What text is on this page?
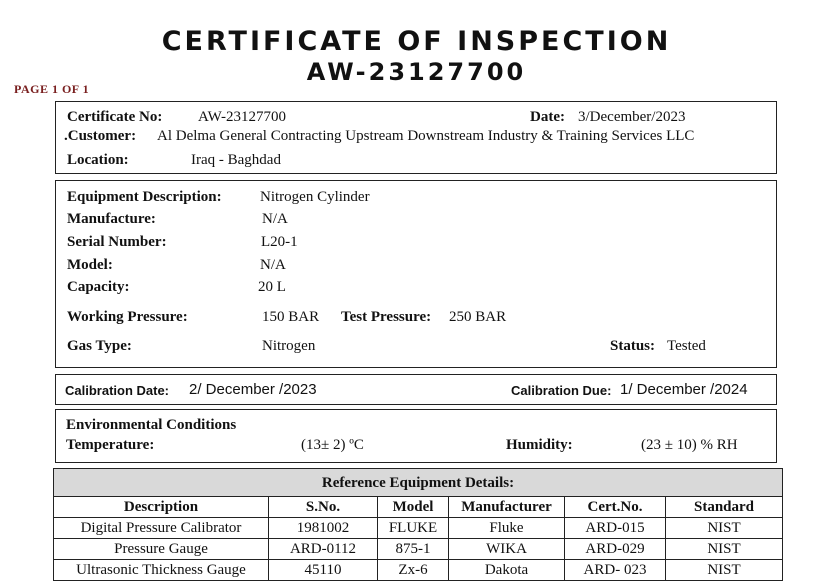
CERTIFICATE OF INSPECTION
AW-23127700
PAGE 1 OF 1
Certificate No: AW-23127700	Date: 3/December/2023
.Customer: Al Delma General Contracting Upstream Downstream Industry & Training Services LLC
Location:	Iraq - Baghdad
Equipment Description:	Nitrogen Cylinder
Manufacture:	N/A
Serial Number:	L20-1
Model:	N/A
Capacity:	20 L
Working Pressure:	150 BAR Test Pressure: 250 BAR
Gas Type:	Nitrogen	Status: Tested
Calibration Date: 2/ December /2023	Calibration Due: 1/ December /2024
Environmental Conditions
Temperature:	(13± 2) ºC	Humidity:	(23 ± 10) % RH
Reference Equipment Details:					
Description	S.No.	Model	Manufacturer	Cert.No.	Standard
Digital Pressure Calibrator	1981002	FLUKE	Fluke	ARD-015	NIST
Pressure Gauge	ARD-0112	875-1	WIKA	ARD-029	NIST
Ultrasonic Thickness Gauge	45110	Zx-6	Dakota	ARD- 023	NIST
